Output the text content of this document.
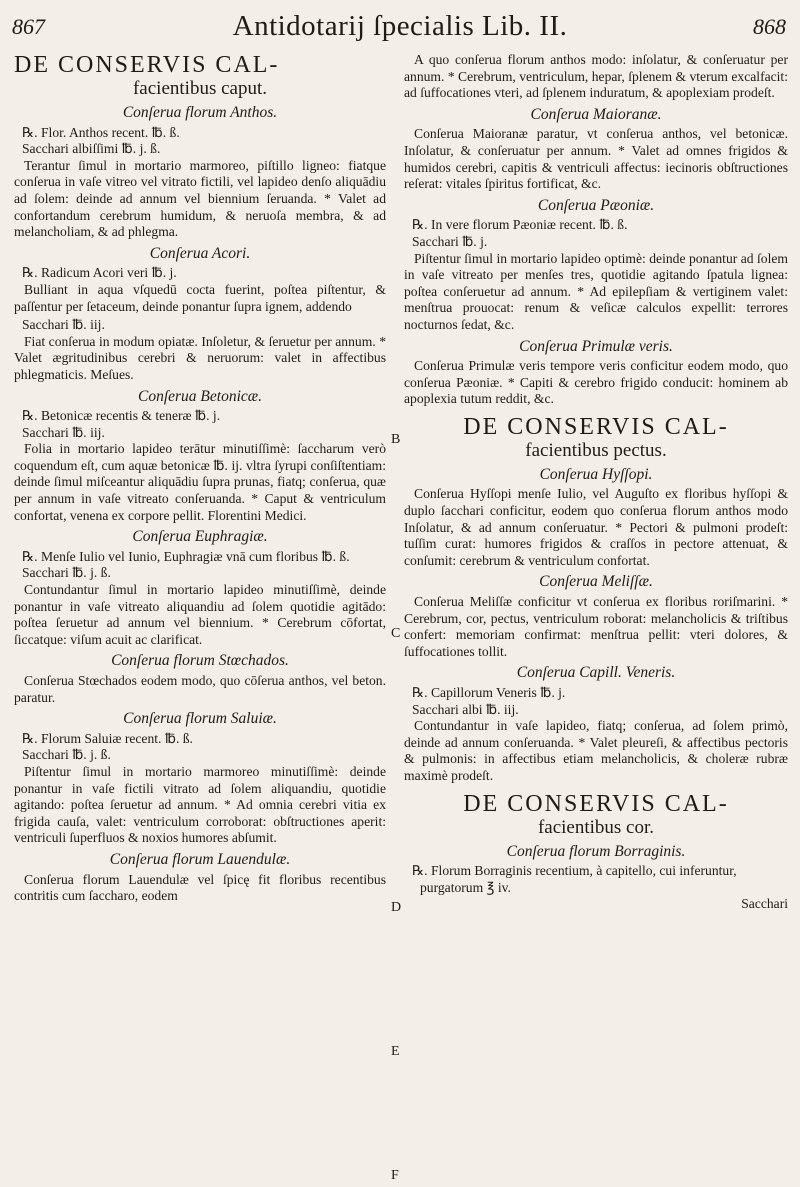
867	Antidotarij ſpecialis Lib. II.	868
B
C
D
E
F
DE CONSERVIS CAL-
facientibus caput.
Conſerua florum Anthos.
℞. Flor. Anthos recent. ℔. ß.
Sacchari albiſſimi ℔. j. ß.

Terantur ſimul in mortario marmoreo, piſtillo ligneo: fiatque conſerua in vaſe vitreo vel vitrato fictili, vel lapideo denſo aliquādiu ad ſolem: deinde ad annum vel biennium ſeruanda. * Valet ad confortandum cerebrum humidum, & neruoſa membra, & ad melancholiam, & ad phlegma.

Conſerua Acori.
℞. Radicum Acori veri ℔. j.

Bulliant in aqua vſquedū cocta fuerint, poſtea piſtentur, & paſſentur per ſetaceum, deinde ponantur ſupra ignem, addendo

Sacchari ℔. iij.

Fiat conſerua in modum opiatæ. Inſoletur, & ſeruetur per annum. * Valet ægritudinibus cerebri & neruorum: valet in affectibus phlegmaticis. Meſues.

Conſerua Betonicæ.
℞. Betonicæ recentis & teneræ ℔. j.
Sacchari ℔. iij.

Folia in mortario lapideo terātur minutiſſimè: ſaccharum verò coquendum eſt, cum aquæ betonicæ ℔. ij. vltra ſyrupi conſiſtentiam: deinde ſimul miſceantur aliquādiu ſupra prunas, fiatq; conſerua, quæ per annum in vaſe vitreato conſeruanda. * Caput & ventriculum confortat, venena ex corpore pellit. Florentini Medici.

Conſerua Euphragiæ.
℞. Menſe Iulio vel Iunio, Euphragiæ vnā cum floribus ℔. ß.
Sacchari ℔. j. ß.

Contundantur ſimul in mortario lapideo minutiſſimè, deinde ponantur in vaſe vitreato aliquandiu ad ſolem quotidie agitādo: poſtea ſeruetur ad annum vel biennium. * Cerebrum cōfortat, ſiccatque: viſum acuit ac clarificat.

Conſerua florum Stœchados.

Conſerua Stœchados eodem modo, quo cōſerua anthos, vel beton. paratur.

Conſerua florum Saluiæ.
℞. Florum Saluiæ recent. ℔. ß.
Sacchari ℔. j. ß.

Piſtentur ſimul in mortario marmoreo minutiſſimè: deinde ponantur in vaſe fictili vitrato ad ſolem aliquandiu, quotidie agitando: poſtea ſeruetur ad annum. * Ad omnia cerebri vitia ex frigida cauſa, valet: ventriculum corroborat: obſtructiones aperit: ventriculi ſuperfluos & noxios humores abſumit.

Conſerua florum Lauendulæ.

Conſerua florum Lauendulæ vel ſpicę fit floribus recentibus contritis cum ſaccharo, eodem

A quo conſerua florum anthos modo: inſolatur, & conſeruatur per annum. * Cerebrum, ventriculum, hepar, ſplenem & vterum excalfacit: ad ſuffocationes vteri, ad ſplenem induratum, & apoplexiam prodeſt.

Conſerua Maioranæ.

Conſerua Maioranæ paratur, vt conſerua anthos, vel betonicæ. Inſolatur, & conſeruatur per annum. * Valet ad omnes frigidos & humidos cerebri, capitis & ventriculi affectus: iecinoris obſtructiones reſerat: vitales ſpiritus fortificat, &c.

Conſerua Pæoniæ.
℞. In vere florum Pæoniæ recent. ℔. ß.
Sacchari ℔. j.

Piſtentur ſimul in mortario lapideo optimè: deinde ponantur ad ſolem in vaſe vitreato per menſes tres, quotidie agitando ſpatula lignea: poſtea conſeruetur ad annum. * Ad epilepſiam & vertiginem valet: menſtrua prouocat: renum & veſicæ calculos expellit: terrores nocturnos ſedat, &c.

Conſerua Primulæ veris.

Conſerua Primulæ veris tempore veris conficitur eodem modo, quo conſerua Pæoniæ. * Capiti & cerebro frigido conducit: hominem ab apoplexia tutum reddit, &c.

DE CONSERVIS CAL-
facientibus pectus.
Conſerua Hyſſopi.

Conſerua Hyſſopi menſe Iulio, vel Auguſto ex floribus hyſſopi & duplo ſacchari conficitur, eodem quo conſerua florum anthos modo Inſolatur, & ad annum conſeruatur. * Pectori & pulmoni prodeſt: tuſſim curat: humores frigidos & craſſos in pectore attenuat, & conſumit: cerebrum & ventriculum confortat.

Conſerua Meliſſæ.

Conſerua Meliſſæ conficitur vt conſerua ex floribus roriſmarini. * Cerebrum, cor, pectus, ventriculum roborat: melancholicis & triſtibus confert: memoriam confirmat: menſtrua pellit: vteri dolores, & ſuffocationes tollit.

Conſerua Capill. Veneris.
℞. Capillorum Veneris ℔. j.
Sacchari albi ℔. iij.

Contundantur in vaſe lapideo, fiatq; conſerua, ad ſolem primò, deinde ad annum conſeruanda. * Valet pleureſi, & affectibus pectoris & pulmonis: in affectibus etiam melancholicis, & choleræ rubræ maximè prodeſt.

DE CONSERVIS CAL-
facientibus cor.
Conſerua florum Borraginis.
℞. Florum Borraginis recentium, à capitello, cui inferuntur, purgatorum ℥ iv.
Sacchari
